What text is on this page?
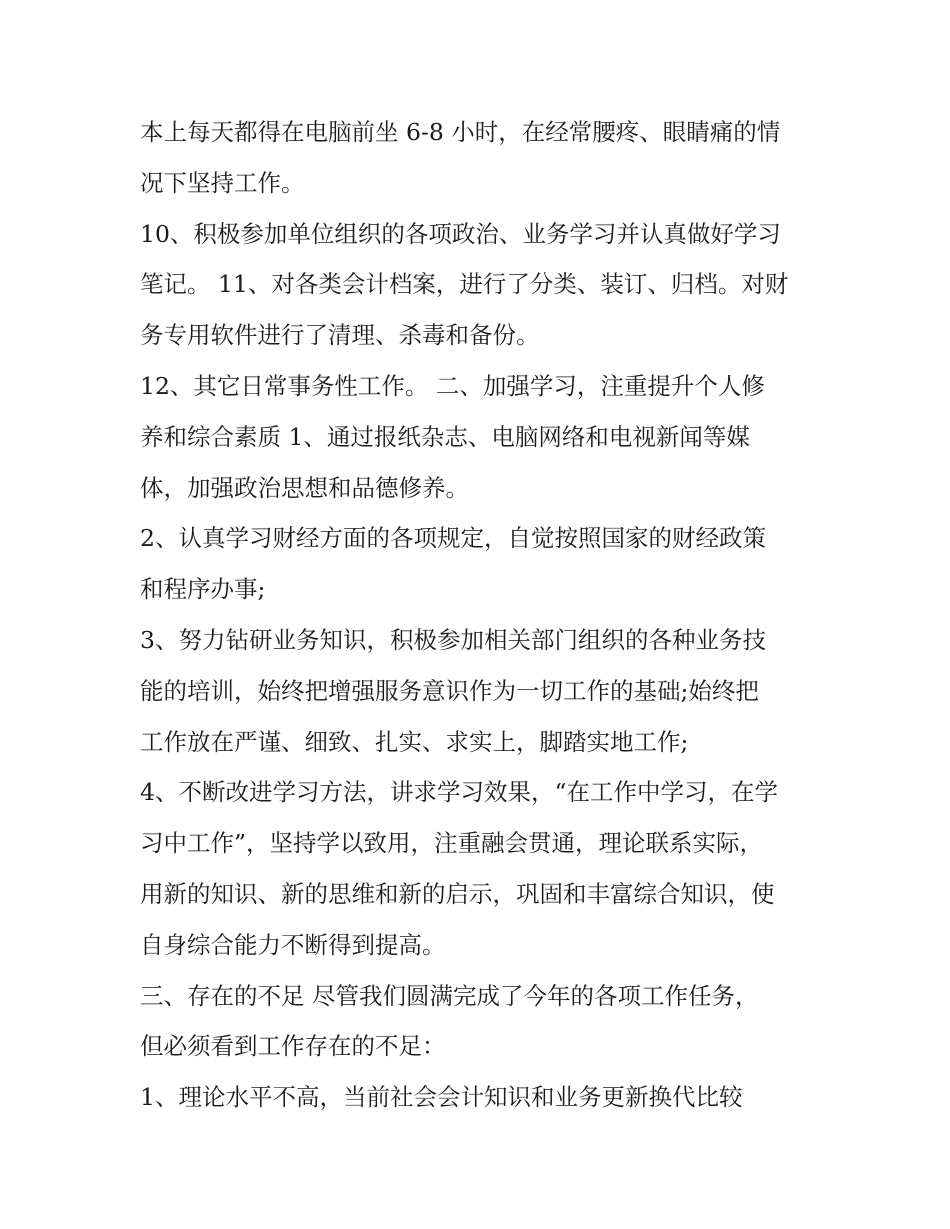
本上每天都得在电脑前坐 6-8 小时，在经常腰疼、眼睛痛的情
况下坚持工作。
10、积极参加单位组织的各项政治、业务学习并认真做好学习
笔记。 11、对各类会计档案，进行了分类、装订、归档。对财
务专用软件进行了清理、杀毒和备份。
12、其它日常事务性工作。 二、加强学习，注重提升个人修
养和综合素质 1、通过报纸杂志、电脑网络和电视新闻等媒
体，加强政治思想和品德修养。
2、认真学习财经方面的各项规定，自觉按照国家的财经政策
和程序办事;
3、努力钻研业务知识，积极参加相关部门组织的各种业务技
能的培训，始终把增强服务意识作为一切工作的基础;始终把
工作放在严谨、细致、扎实、求实上，脚踏实地工作;
4、不断改进学习方法，讲求学习效果，“在工作中学习，在学
习中工作”，坚持学以致用，注重融会贯通，理论联系实际，
用新的知识、新的思维和新的启示，巩固和丰富综合知识，使
自身综合能力不断得到提高。
三、存在的不足 尽管我们圆满完成了今年的各项工作任务，
但必须看到工作存在的不足：
1、理论水平不高，当前社会会计知识和业务更新换代比较
